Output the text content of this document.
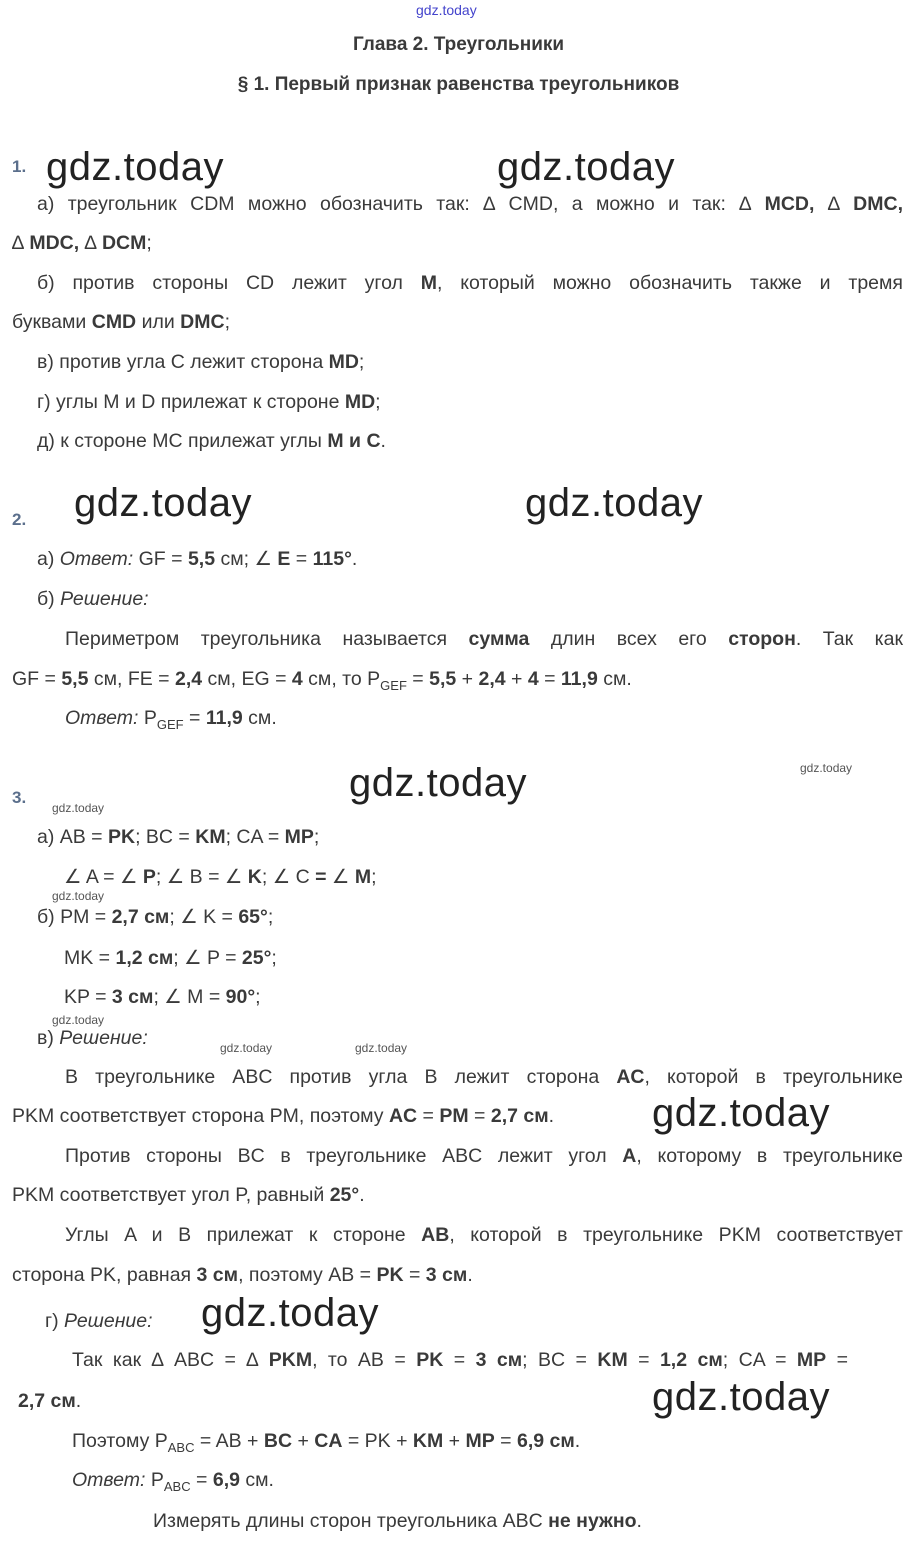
gdz.today
gdz.today	gdz.today
gdz.today	gdz.today
gdz.today	gdz.today
gdz.today
gdz.today
gdz.today
gdz.today	gdz.today
gdz.today
gdz.today
gdz.today
Глава 2. Треугольники
§ 1. Первый признак равенства треугольников
1.
а) треугольник CDM можно обозначить так: ∆ CMD, а можно и так: ∆ MCD, ∆ DMC,
∆ MDC, ∆ DCM;
б) против стороны CD лежит угол M, который можно обозначить также и тремя
буквами CMD или DMC;
в) против угла C лежит сторона MD;
г) углы M и D прилежат к стороне MD;
д) к стороне MC прилежат углы M и C.
2.
а) Ответ: GF = 5,5 см; ∠ E = 115°.
б) Решение:
Периметром треугольника называется сумма длин всех его сторон. Так как
GF = 5,5 см, FE = 2,4 см, EG = 4 см, то $P_{GEF} = 5,5 + 2,4 + 4 = 11,9$ см.
Ответ: $P_{GEF} = 11,9$ см.
3.
а) AB = PK; BC = KM; CA = MP;
∠ A = ∠ P; ∠ B = ∠ K; ∠ C = ∠ M;
б) PM = 2,7 см; ∠ K = 65°;
MK = 1,2 см; ∠ P = 25°;
KP = 3 см; ∠ M = 90°;
в) Решение:
В треугольнике ABC против угла B лежит сторона AC, которой в треугольнике
PKM соответствует сторона PM, поэтому AC = PM = 2,7 см.
Против стороны BC в треугольнике ABC лежит угол A, которому в треугольнике
PKM соответствует угол P, равный 25°.
Углы A и B прилежат к стороне AB, которой в треугольнике PKM соответствует
сторона PK, равная 3 см, поэтому AB = PK = 3 см.
г) Решение:
Так как ∆ ABC = ∆ PKM, то AB = PK = 3 см; BC = KM = 1,2 см; CA = MP =
2,7 см.
Поэтому $P_{ABC}$ = AB + BC + CA = PK + KM + MP = 6,9 см.
Ответ: $P_{ABC} = 6,9$ см.
Измерять длины сторон треугольника ABC не нужно.
